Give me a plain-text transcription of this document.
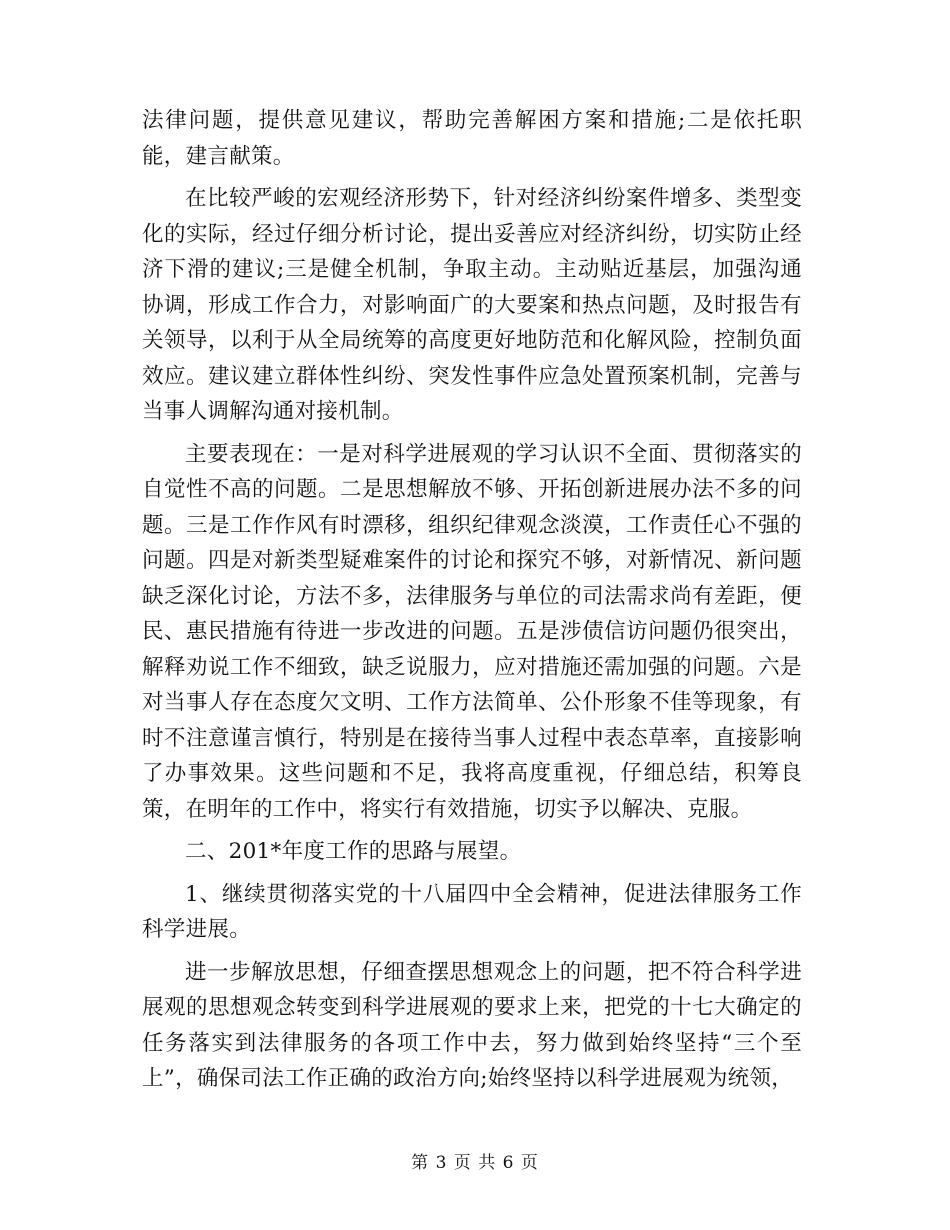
法律问题，提供意见建议，帮助完善解困方案和措施;二是依托职能，建言献策。

在比较严峻的宏观经济形势下，针对经济纠纷案件增多、类型变化的实际，经过仔细分析讨论，提出妥善应对经济纠纷，切实防止经济下滑的建议;三是健全机制，争取主动。主动贴近基层，加强沟通协调，形成工作合力，对影响面广的大要案和热点问题，及时报告有关领导，以利于从全局统筹的高度更好地防范和化解风险，控制负面效应。建议建立群体性纠纷、突发性事件应急处置预案机制，完善与当事人调解沟通对接机制。

主要表现在：一是对科学进展观的学习认识不全面、贯彻落实的自觉性不高的问题。二是思想解放不够、开拓创新进展办法不多的问题。三是工作作风有时漂移，组织纪律观念淡漠，工作责任心不强的问题。四是对新类型疑难案件的讨论和探究不够，对新情况、新问题缺乏深化讨论，方法不多，法律服务与单位的司法需求尚有差距，便民、惠民措施有待进一步改进的问题。五是涉债信访问题仍很突出，解释劝说工作不细致，缺乏说服力，应对措施还需加强的问题。六是对当事人存在态度欠文明、工作方法简单、公仆形象不佳等现象，有时不注意谨言慎行，特别是在接待当事人过程中表态草率，直接影响了办事效果。这些问题和不足，我将高度重视，仔细总结，积筹良策，在明年的工作中，将实行有效措施，切实予以解决、克服。

二、201*年度工作的思路与展望。

1、继续贯彻落实党的十八届四中全会精神，促进法律服务工作科学进展。

进一步解放思想，仔细查摆思想观念上的问题，把不符合科学进展观的思想观念转变到科学进展观的要求上来，把党的十七大确定的任务落实到法律服务的各项工作中去，努力做到始终坚持“三个至上”，确保司法工作正确的政治方向;始终坚持以科学进展观为统领，

第 3 页 共 6 页
